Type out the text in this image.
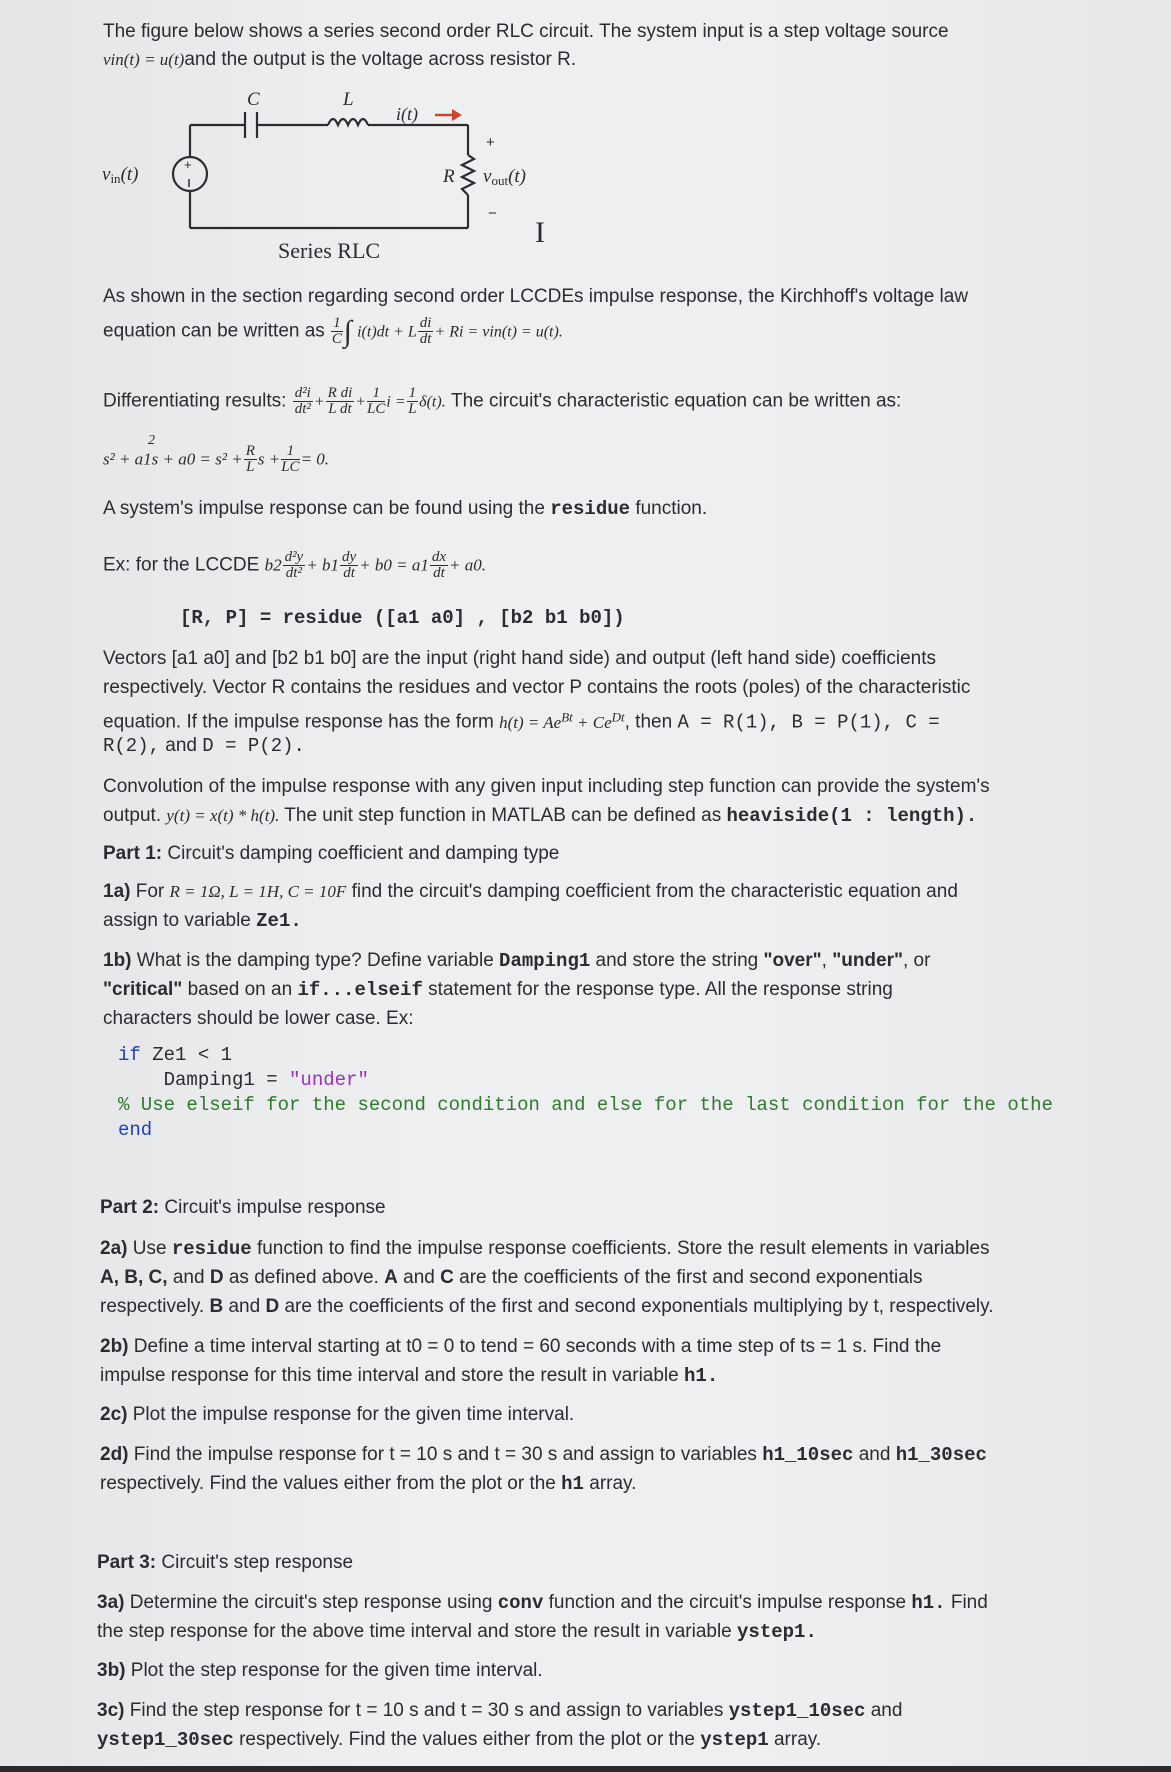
The figure below shows a series second order RLC circuit. The system input is a step voltage source
vin(t) = u(t)and the output is the voltage across resistor R.
+
C	L
i(t)
R
+
−
vout(t)
vin(t)
Series RLC
I
As shown in the section regarding second order LCCDEs impulse response, the Kirchhoff's voltage law
equation can be written as $\frac{1}{C}$ ∫ i(t)dt + L $\frac{di}{dt} + Ri = vin(t) = u(t)$.
Differentiating results: $\frac{\text{d²i}}{\text{dt²}} + \frac{\text{R di}}{\text{L dt}} + \frac{1}{LC}$ $i = \frac{1}{L} \delta(t)$. The circuit's characteristic equation can be written as:
$s^2 + a1s + a0 = s^2 + \frac{R}{L}$ $s + \frac{1}{LC} = 0$.
2
A system's impulse response can be found using the residue function.
Ex: for the LCCDE $b2 \frac{\text{d²y}}{\text{dt²}} + b1 \frac{dy}{dt} + b0 = a1 \frac{dx}{dt} + a0$.
[R, P] = residue ([a1 a0] , [b2 b1 b0])
Vectors [a1 a0] and [b2 b1 b0] are the input (right hand side) and output (left hand side) coefficients
respectively. Vector R contains the residues and vector P contains the roots (poles) of the characteristic
equation. If the impulse response has the form $h(t) = Ae^{Bt} + Ce^{Dt}$, then A = R(1), B = P(1), C =
R(2), and D = P(2).
Convolution of the impulse response with any given input including step function can provide the system's
output. y(t) = x(t) * h(t). The unit step function in MATLAB can be defined as heaviside(1 : length).
Part 1: Circuit's damping coefficient and damping type
1a) For R = 1Ω, L = 1H, C = 10F find the circuit's damping coefficient from the characteristic equation and
assign to variable Ze1.
1b) What is the damping type? Define variable Damping1 and store the string "over", "under", or
"critical" based on an if...elseif statement for the response type. All the response string
characters should be lower case. Ex:
if Ze1 < 1
Damping1 = "under"
% Use elseif for the second condition and else for the last condition for the othe
end
Part 2: Circuit's impulse response
2a) Use residue function to find the impulse response coefficients. Store the result elements in variables
A, B, C, and D as defined above. A and C are the coefficients of the first and second exponentials
respectively. B and D are the coefficients of the first and second exponentials multiplying by t, respectively.
2b) Define a time interval starting at t0 = 0 to tend = 60 seconds with a time step of ts = 1 s. Find the
impulse response for this time interval and store the result in variable h1.
2c) Plot the impulse response for the given time interval.
2d) Find the impulse response for t = 10 s and t = 30 s and assign to variables h1_10sec and h1_30sec
respectively. Find the values either from the plot or the h1 array.
Part 3: Circuit's step response
3a) Determine the circuit's step response using conv function and the circuit's impulse response h1. Find
the step response for the above time interval and store the result in variable ystep1.
3b) Plot the step response for the given time interval.
3c) Find the step response for t = 10 s and t = 30 s and assign to variables ystep1_10sec and
ystep1_30sec respectively. Find the values either from the plot or the ystep1 array.
